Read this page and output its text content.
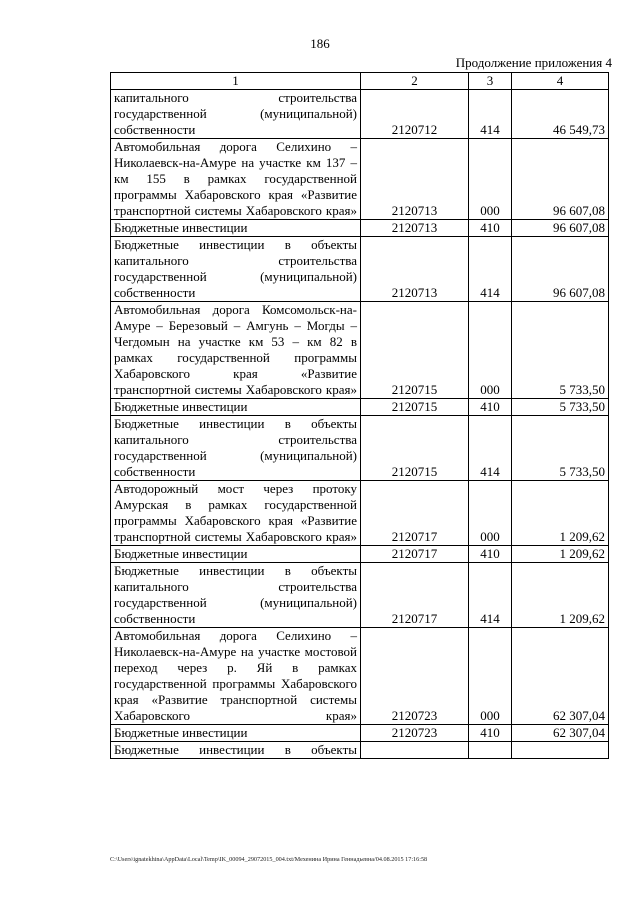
186
Продолжение приложения 4
1	2	3	4
капитального строительства государственной (муниципальной) собственности	2120712	414	46 549,73
Автомобильная дорога Селихино – Николаевск-на-Амуре на участке км 137 – км 155 в рамках государственной программы Хабаровского края «Развитие транспортной системы Хабаровского края»	2120713	000	96 607,08
Бюджетные инвестиции	2120713	410	96 607,08
Бюджетные инвестиции в объекты капитального строительства государственной (муниципальной) собственности	2120713	414	96 607,08
Автомобильная дорога Комсомольск-на-Амуре – Березовый – Амгунь – Могды – Чегдомын на участке км 53 – км 82 в рамках государственной программы Хабаровского края «Развитие транспортной системы Хабаровского края»	2120715	000	5 733,50
Бюджетные инвестиции	2120715	410	5 733,50
Бюджетные инвестиции в объекты капитального строительства государственной (муниципальной) собственности	2120715	414	5 733,50
Автодорожный мост через протоку Амурская в рамках государственной программы Хабаровского края «Развитие транспортной системы Хабаровского края»	2120717	000	1 209,62
Бюджетные инвестиции	2120717	410	1 209,62
Бюджетные инвестиции в объекты капитального строительства государственной (муниципальной) собственности	2120717	414	1 209,62
Автомобильная дорога Селихино – Николаевск-на-Амуре на участке мостовой переход через р. Яй в рамках государственной программы Хабаровского края «Развитие транспортной системы Хабаровского края»	2120723	000	62 307,04
Бюджетные инвестиции	2120723	410	62 307,04
Бюджетные инвестиции в объекты			
C:\Users\ignatekhina\AppData\Local\Temp\IK_00094_29072015_004.txt/Мехенина Ирина Геннадьевна/04.08.2015 17:16:58
